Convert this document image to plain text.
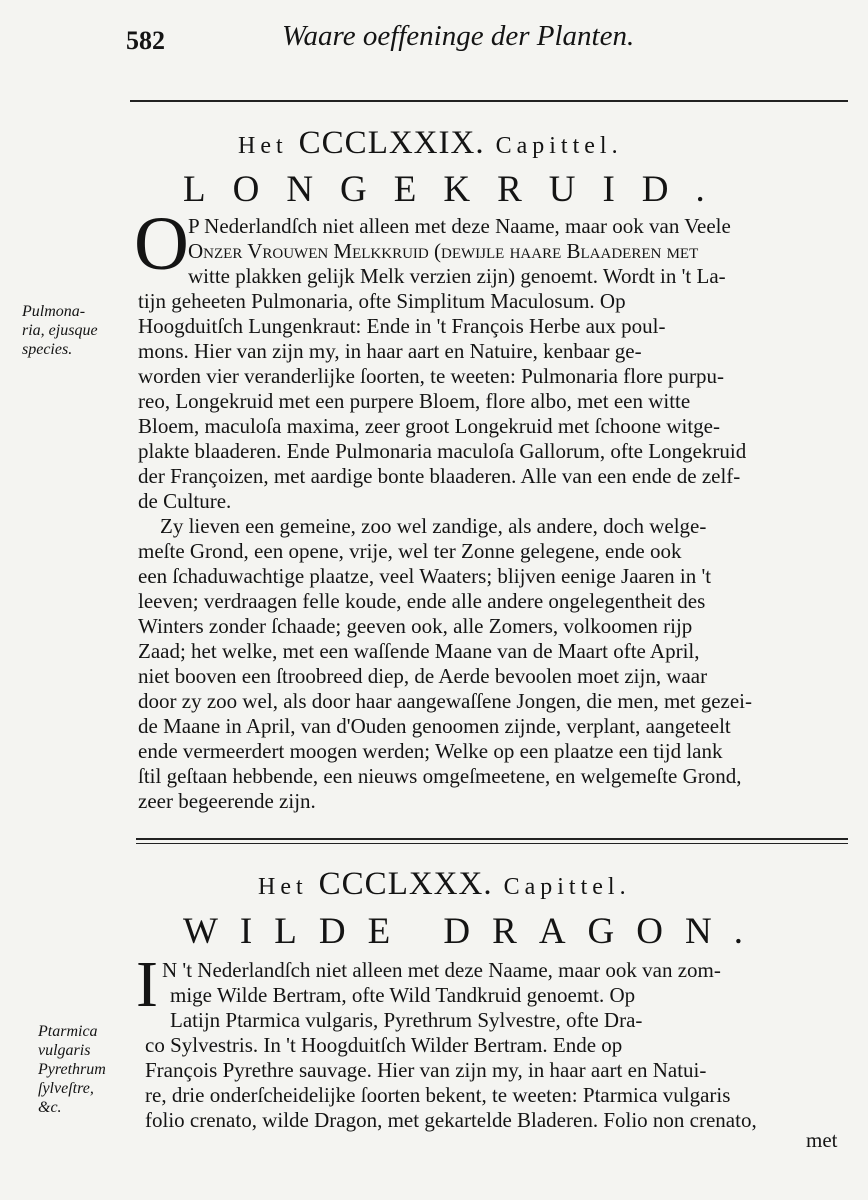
582	Waare oeffeninge der Planten.
Het CCCLXXIX. Capittel.
LONGEKRUID.
O
Pulmona-
ria, ejusque
species.
P Nederlandſch niet alleen met deze Naame, maar ook van Veele
Onzer Vrouwen Melkkruid (dewijle haare Blaaderen met
witte plakken gelijk Melk verzien zijn) genoemt. Wordt in 't La-
tijn geheeten Pulmonaria, ofte Simplitum Maculosum. Op
Hoogduitſch Lungenkraut: Ende in 't François Herbe aux poul-
mons. Hier van zijn my, in haar aart en Natuire, kenbaar ge-
worden vier veranderlijke ſoorten, te weeten: Pulmonaria flore purpu-
reo, Longekruid met een purpere Bloem, flore albo, met een witte
Bloem, maculoſa maxima, zeer groot Longekruid met ſchoone witge-
plakte blaaderen. Ende Pulmonaria maculoſa Gallorum, ofte Longekruid
der Françoizen, met aardige bonte blaaderen. Alle van een ende de zelf-
de Culture.
Zy lieven een gemeine, zoo wel zandige, als andere, doch welge-
meſte Grond, een opene, vrije, wel ter Zonne gelegene, ende ook
een ſchaduwachtige plaatze, veel Waaters; blijven eenige Jaaren in 't
leeven; verdraagen felle koude, ende alle andere ongelegentheit des
Winters zonder ſchaade; geeven ook, alle Zomers, volkoomen rijp
Zaad; het welke, met een waſſende Maane van de Maart ofte April,
niet booven een ſtroobreed diep, de Aerde bevoolen moet zijn, waar
door zy zoo wel, als door haar aangewaſſene Jongen, die men, met gezei-
de Maane in April, van d'Ouden genoomen zijnde, verplant, aangeteelt
ende vermeerdert moogen werden; Welke op een plaatze een tijd lank
ſtil geſtaan hebbende, een nieuws omgeſmeetene, en welgemeſte Grond,
zeer begeerende zijn.
Het CCCLXXX. Capittel.
WILDE DRAGON.
I
Ptarmica
vulgaris
Pyrethrum
ſylveſtre,
&c.
N 't Nederlandſch niet alleen met deze Naame, maar ook van zom-
mige Wilde Bertram, ofte Wild Tandkruid genoemt. Op
Latijn Ptarmica vulgaris, Pyrethrum Sylvestre, ofte Dra-
co Sylvestris. In 't Hoogduitſch Wilder Bertram. Ende op
François Pyrethre sauvage. Hier van zijn my, in haar aart en Natui-
re, drie onderſcheidelijke ſoorten bekent, te weeten: Ptarmica vulgaris
folio crenato, wilde Dragon, met gekartelde Bladeren. Folio non crenato,
met
